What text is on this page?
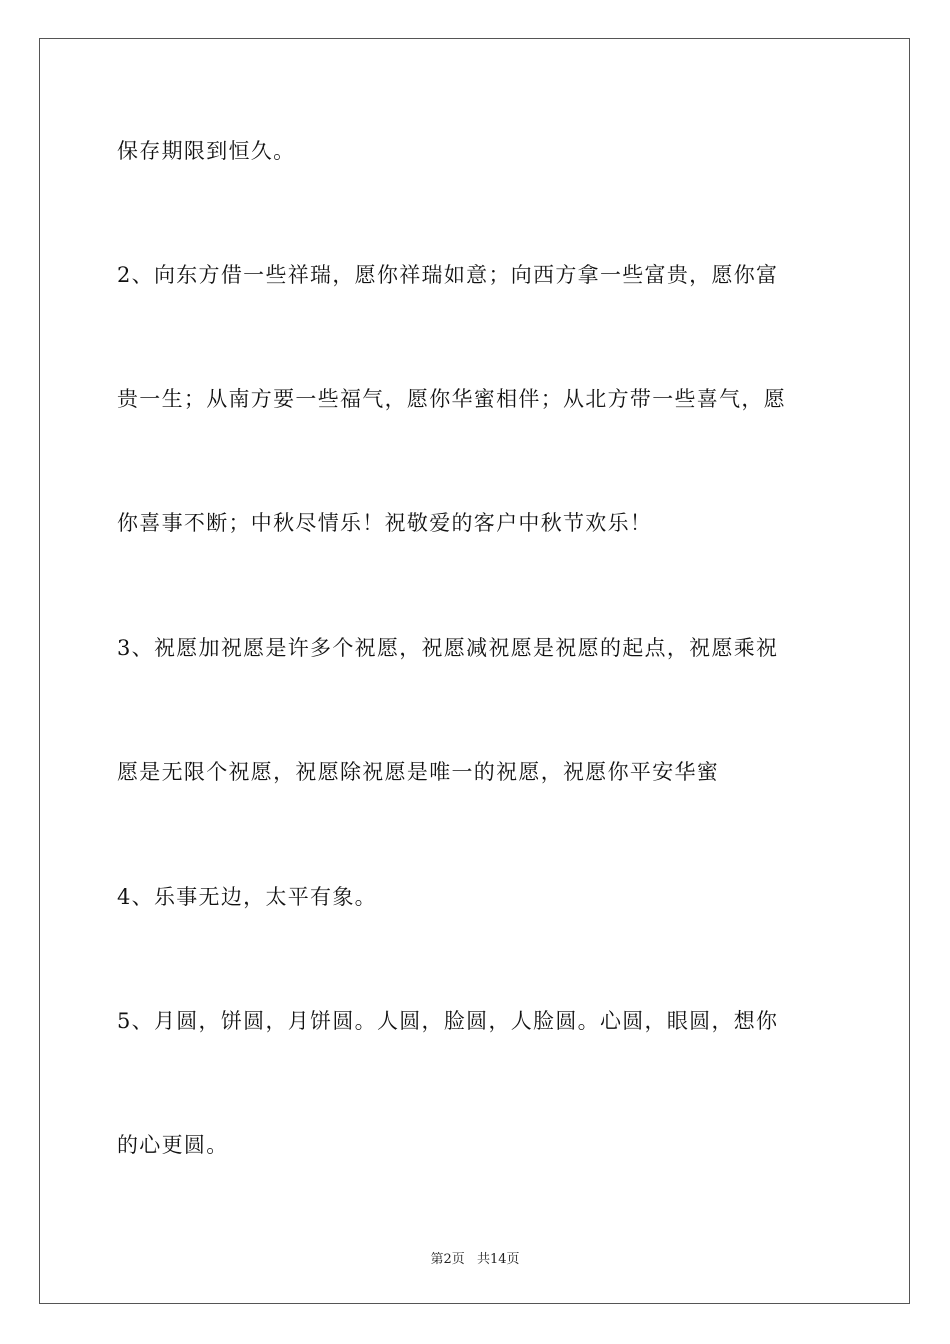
保存期限到恒久。
2、向东方借一些祥瑞，愿你祥瑞如意；向西方拿一些富贵，愿你富
贵一生；从南方要一些福气，愿你华蜜相伴；从北方带一些喜气，愿
你喜事不断；中秋尽情乐！祝敬爱的客户中秋节欢乐！
3、祝愿加祝愿是许多个祝愿，祝愿减祝愿是祝愿的起点，祝愿乘祝
愿是无限个祝愿，祝愿除祝愿是唯一的祝愿，祝愿你平安华蜜
4、乐事无边，太平有象。
5、月圆，饼圆，月饼圆。人圆，脸圆，人脸圆。心圆，眼圆，想你
的心更圆。
第2页 共14页
